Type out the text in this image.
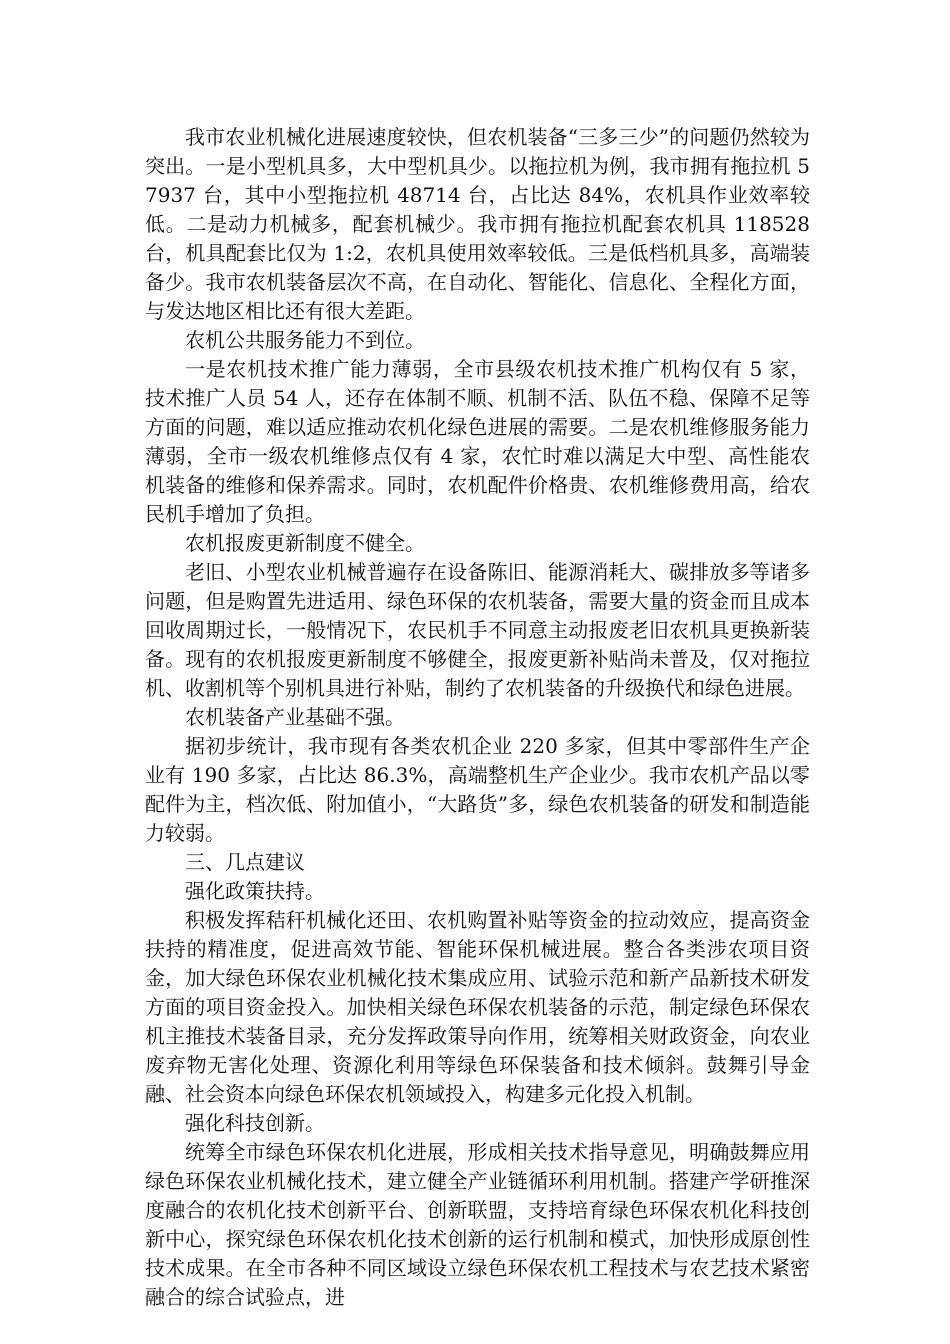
我市农业机械化进展速度较快，但农机装备“三多三少”的问题仍然较为突出。一是小型机具多，大中型机具少。以拖拉机为例，我市拥有拖拉机 57937 台，其中小型拖拉机 48714 台，占比达 84%，农机具作业效率较低。二是动力机械多，配套机械少。我市拥有拖拉机配套农机具 118528 台，机具配套比仅为 1:2，农机具使用效率较低。三是低档机具多，高端装备少。我市农机装备层次不高，在自动化、智能化、信息化、全程化方面，与发达地区相比还有很大差距。

农机公共服务能力不到位。

一是农机技术推广能力薄弱，全市县级农机技术推广机构仅有 5 家，技术推广人员 54 人，还存在体制不顺、机制不活、队伍不稳、保障不足等方面的问题，难以适应推动农机化绿色进展的需要。二是农机维修服务能力薄弱，全市一级农机维修点仅有 4 家，农忙时难以满足大中型、高性能农机装备的维修和保养需求。同时，农机配件价格贵、农机维修费用高，给农民机手增加了负担。

农机报废更新制度不健全。

老旧、小型农业机械普遍存在设备陈旧、能源消耗大、碳排放多等诸多问题，但是购置先进适用、绿色环保的农机装备，需要大量的资金而且成本回收周期过长，一般情况下，农民机手不同意主动报废老旧农机具更换新装备。现有的农机报废更新制度不够健全，报废更新补贴尚未普及，仅对拖拉机、收割机等个别机具进行补贴，制约了农机装备的升级换代和绿色进展。

农机装备产业基础不强。

据初步统计，我市现有各类农机企业 220 多家，但其中零部件生产企业有 190 多家，占比达 86.3%，高端整机生产企业少。我市农机产品以零配件为主，档次低、附加值小，“大路货”多，绿色农机装备的研发和制造能力较弱。

三、几点建议

强化政策扶持。

积极发挥秸秆机械化还田、农机购置补贴等资金的拉动效应，提高资金扶持的精准度，促进高效节能、智能环保机械进展。整合各类涉农项目资金，加大绿色环保农业机械化技术集成应用、试验示范和新产品新技术研发方面的项目资金投入。加快相关绿色环保农机装备的示范，制定绿色环保农机主推技术装备目录，充分发挥政策导向作用，统筹相关财政资金，向农业废弃物无害化处理、资源化利用等绿色环保装备和技术倾斜。鼓舞引导金融、社会资本向绿色环保农机领域投入，构建多元化投入机制。

强化科技创新。

统筹全市绿色环保农机化进展，形成相关技术指导意见，明确鼓舞应用绿色环保农业机械化技术，建立健全产业链循环利用机制。搭建产学研推深度融合的农机化技术创新平台、创新联盟，支持培育绿色环保农机化科技创新中心，探究绿色环保农机化技术创新的运行机制和模式，加快形成原创性技术成果。在全市各种不同区域设立绿色环保农机工程技术与农艺技术紧密融合的综合试验点，进
